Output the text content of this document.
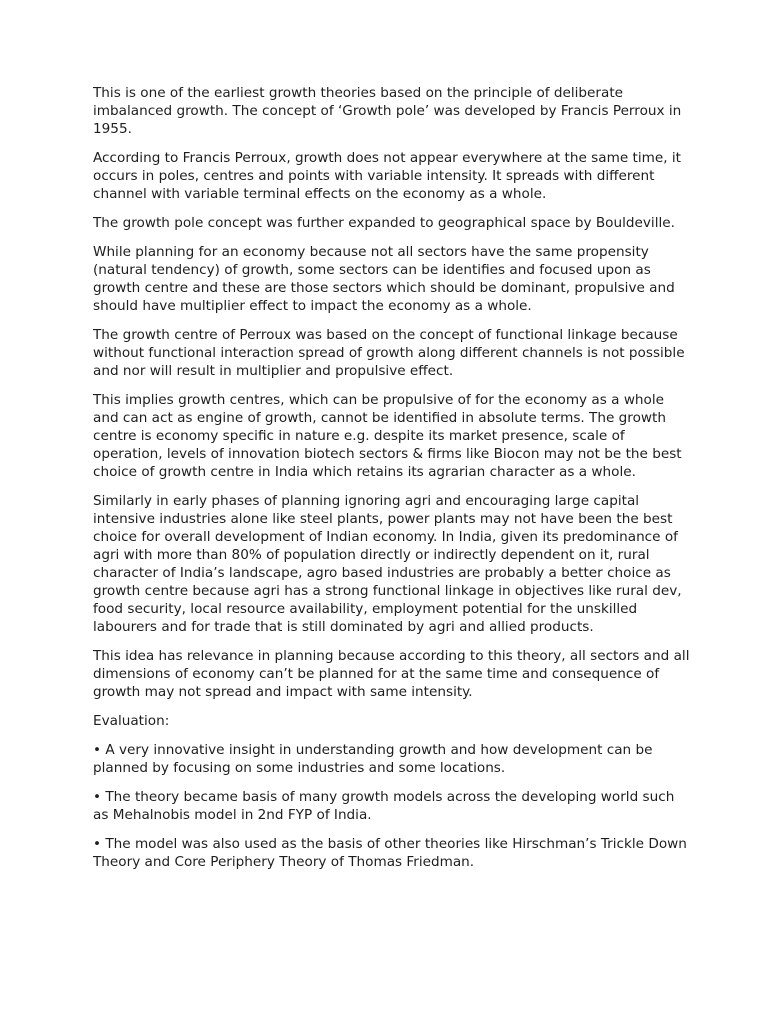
This is one of the earliest growth theories based on the principle of deliberate imbalanced growth. The concept of ‘Growth pole’ was developed by Francis Perroux in 1955.

According to Francis Perroux, growth does not appear everywhere at the same time, it occurs in poles, centres and points with variable intensity. It spreads with different channel with variable terminal effects on the economy as a whole.

The growth pole concept was further expanded to geographical space by Bouldeville.

While planning for an economy because not all sectors have the same propensity (natural tendency) of growth, some sectors can be identifies and focused upon as growth centre and these are those sectors which should be dominant, propulsive and should have multiplier effect to impact the economy as a whole.

The growth centre of Perroux was based on the concept of functional linkage because without functional interaction spread of growth along different channels is not possible and nor will result in multiplier and propulsive effect.

This implies growth centres, which can be propulsive of for the economy as a whole and can act as engine of growth, cannot be identified in absolute terms. The growth centre is economy specific in nature e.g. despite its market presence, scale of operation, levels of innovation biotech sectors & firms like Biocon may not be the best choice of growth centre in India which retains its agrarian character as a whole.

Similarly in early phases of planning ignoring agri and encouraging large capital intensive industries alone like steel plants, power plants may not have been the best choice for overall development of Indian economy. In India, given its predominance of agri with more than 80% of population directly or indirectly dependent on it, rural character of India’s landscape, agro based industries are probably a better choice as growth centre because agri has a strong functional linkage in objectives like rural dev, food security, local resource availability, employment potential for the unskilled labourers and for trade that is still dominated by agri and allied products.

This idea has relevance in planning because according to this theory, all sectors and all dimensions of economy can’t be planned for at the same time and consequence of growth may not spread and impact with same intensity.

Evaluation:

• A very innovative insight in understanding growth and how development can be planned by focusing on some industries and some locations.

• The theory became basis of many growth models across the developing world such as Mehalnobis model in 2nd FYP of India.

• The model was also used as the basis of other theories like Hirschman’s Trickle Down Theory and Core Periphery Theory of Thomas Friedman.
